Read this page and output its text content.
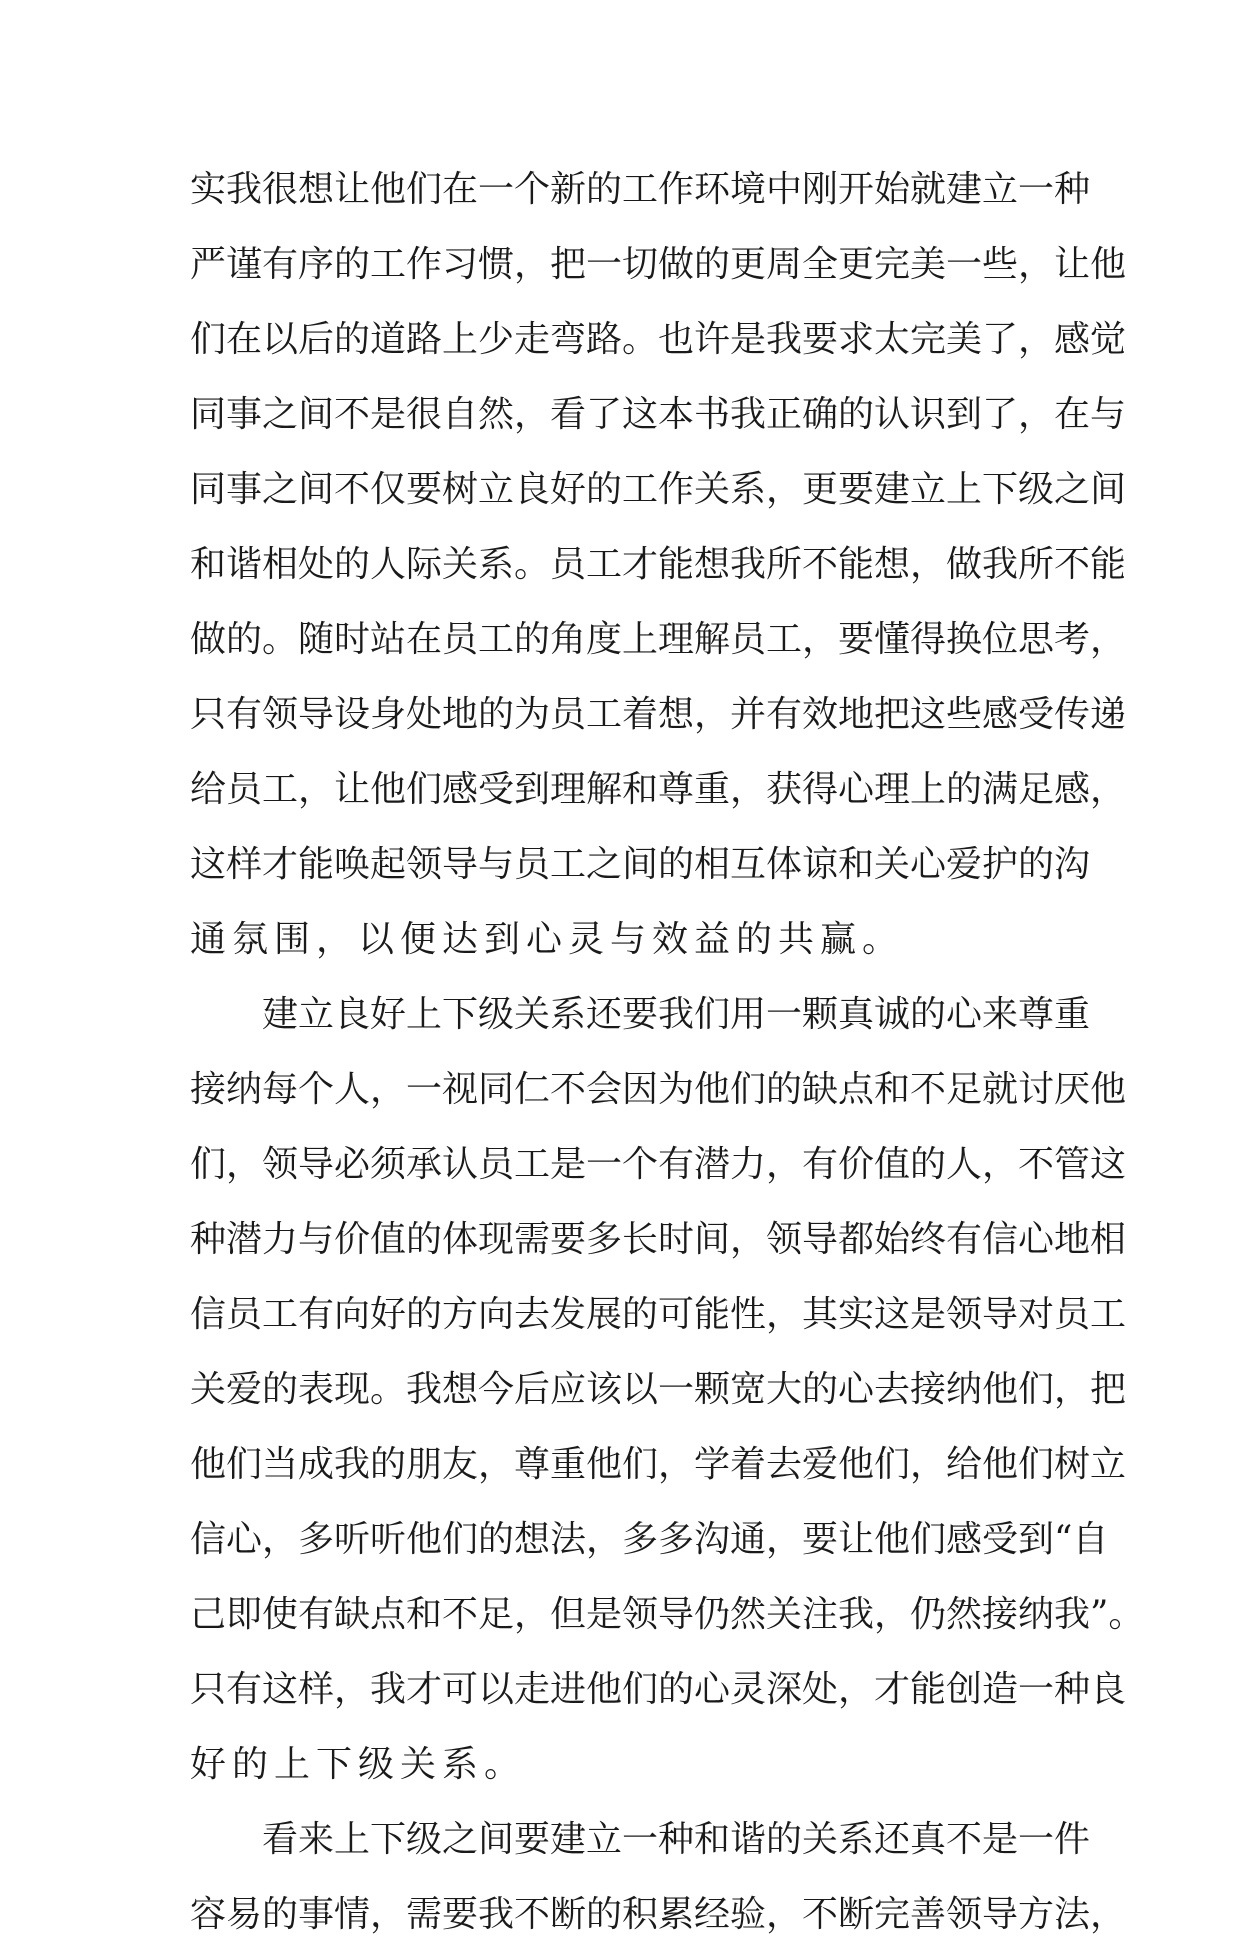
实我很想让他们在一个新的工作环境中刚开始就建立一种
严谨有序的工作习惯，把一切做的更周全更完美一些，让他
们在以后的道路上少走弯路。也许是我要求太完美了，感觉
同事之间不是很自然，看了这本书我正确的认识到了，在与
同事之间不仅要树立良好的工作关系，更要建立上下级之间
和谐相处的人际关系。员工才能想我所不能想，做我所不能
做的。随时站在员工的角度上理解员工，要懂得换位思考，
只有领导设身处地的为员工着想，并有效地把这些感受传递
给员工，让他们感受到理解和尊重，获得心理上的满足感，
这样才能唤起领导与员工之间的相互体谅和关心爱护的沟
通氛围，以便达到心灵与效益的共赢。
建立良好上下级关系还要我们用一颗真诚的心来尊重
接纳每个人，一视同仁不会因为他们的缺点和不足就讨厌他
们，领导必须承认员工是一个有潜力，有价值的人，不管这
种潜力与价值的体现需要多长时间，领导都始终有信心地相
信员工有向好的方向去发展的可能性，其实这是领导对员工
关爱的表现。我想今后应该以一颗宽大的心去接纳他们，把
他们当成我的朋友，尊重他们，学着去爱他们，给他们树立
信心，多听听他们的想法，多多沟通，要让他们感受到“自
己即使有缺点和不足，但是领导仍然关注我，仍然接纳我”。
只有这样，我才可以走进他们的心灵深处，才能创造一种良
好的上下级关系。
看来上下级之间要建立一种和谐的关系还真不是一件
容易的事情，需要我不断的积累经验，不断完善领导方法，
